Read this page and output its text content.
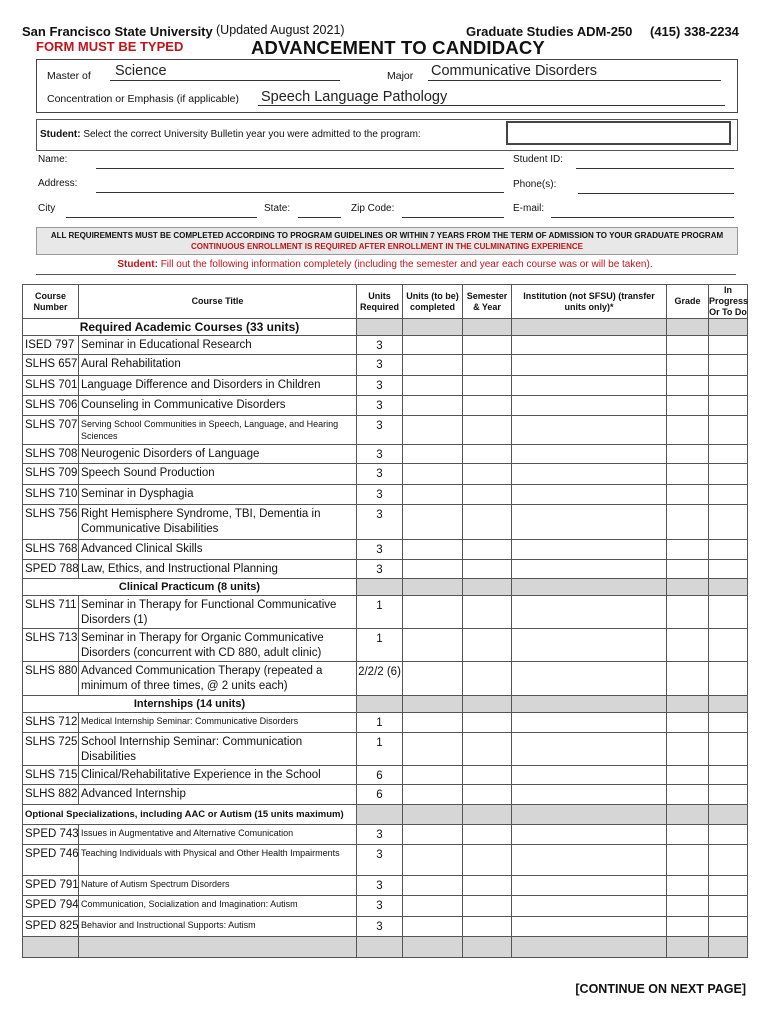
San Francisco State University (Updated August 2021)	Graduate Studies ADM-250 (415) 338-2234
FORM MUST BE TYPED	ADVANCEMENT TO CANDIDACY
Master of Science	Major Communicative Disorders
Concentration or Emphasis (if applicable) Speech Language Pathology
Student: Select the correct University Bulletin year you were admitted to the program:
Name:	Student ID:
Address:	Phone(s):
City	State:	Zip Code:	E-mail:
ALL REQUIREMENTS MUST BE COMPLETED ACCORDING TO PROGRAM GUIDELINES OR WITHIN 7 YEARS FROM THE TERM OF ADMISSION TO YOUR GRADUATE PROGRAM
CONTINUOUS ENROLLMENT IS REQUIRED AFTER ENROLLMENT IN THE CULMINATING EXPERIENCE
Student: Fill out the following information completely (including the semester and year each course was or will be taken).
Course Number	Course Title	Units Required	Units (to be) completed	Semester & Year	Institution (not SFSU) (transfer units only)*	Grade	In Progress Or To Do
Required Academic Courses (33 units)							
ISED 797	Seminar in Educational Research	3					
SLHS 657	Aural Rehabilitation	3					
SLHS 701	Language Difference and Disorders in Children	3					
SLHS 706	Counseling in Communicative Disorders	3					
SLHS 707	Serving School Communities in Speech, Language, and Hearing Sciences	3					
SLHS 708	Neurogenic Disorders of Language	3					
SLHS 709	Speech Sound Production	3					
SLHS 710	Seminar in Dysphagia	3					
SLHS 756	Right Hemisphere Syndrome, TBI, Dementia in Communicative Disabilities	3					
SLHS 768	Advanced Clinical Skills	3					
SPED 788	Law, Ethics, and Instructional Planning	3					
Clinical Practicum (8 units)							
SLHS 711	Seminar in Therapy for Functional Communicative Disorders (1)	1					
SLHS 713	Seminar in Therapy for Organic Communicative Disorders (concurrent with CD 880, adult clinic)	1					
SLHS 880	Advanced Communication Therapy (repeated a minimum of three times, @ 2 units each)	2/2/2 (6)					
Internships (14 units)							
SLHS 712	Medical Internship Seminar: Communicative Disorders	1					
SLHS 725	School Internship Seminar: Communication Disabilities	1					
SLHS 715	Clinical/Rehabilitative Experience in the School	6					
SLHS 882	Advanced Internship	6					
Optional Specializations, including AAC or Autism (15 units maximum)							
SPED 743	Issues in Augmentative and Alternative Comunication	3					
SPED 746	Teaching Individuals with Physical and Other Health Impairments	3					
SPED 791	Nature of Autism Spectrum Disorders	3					
SPED 794	Communication, Socialization and Imagination: Autism	3					
SPED 825	Behavior and Instructional Supports: Autism	3					

[CONTINUE ON NEXT PAGE]
